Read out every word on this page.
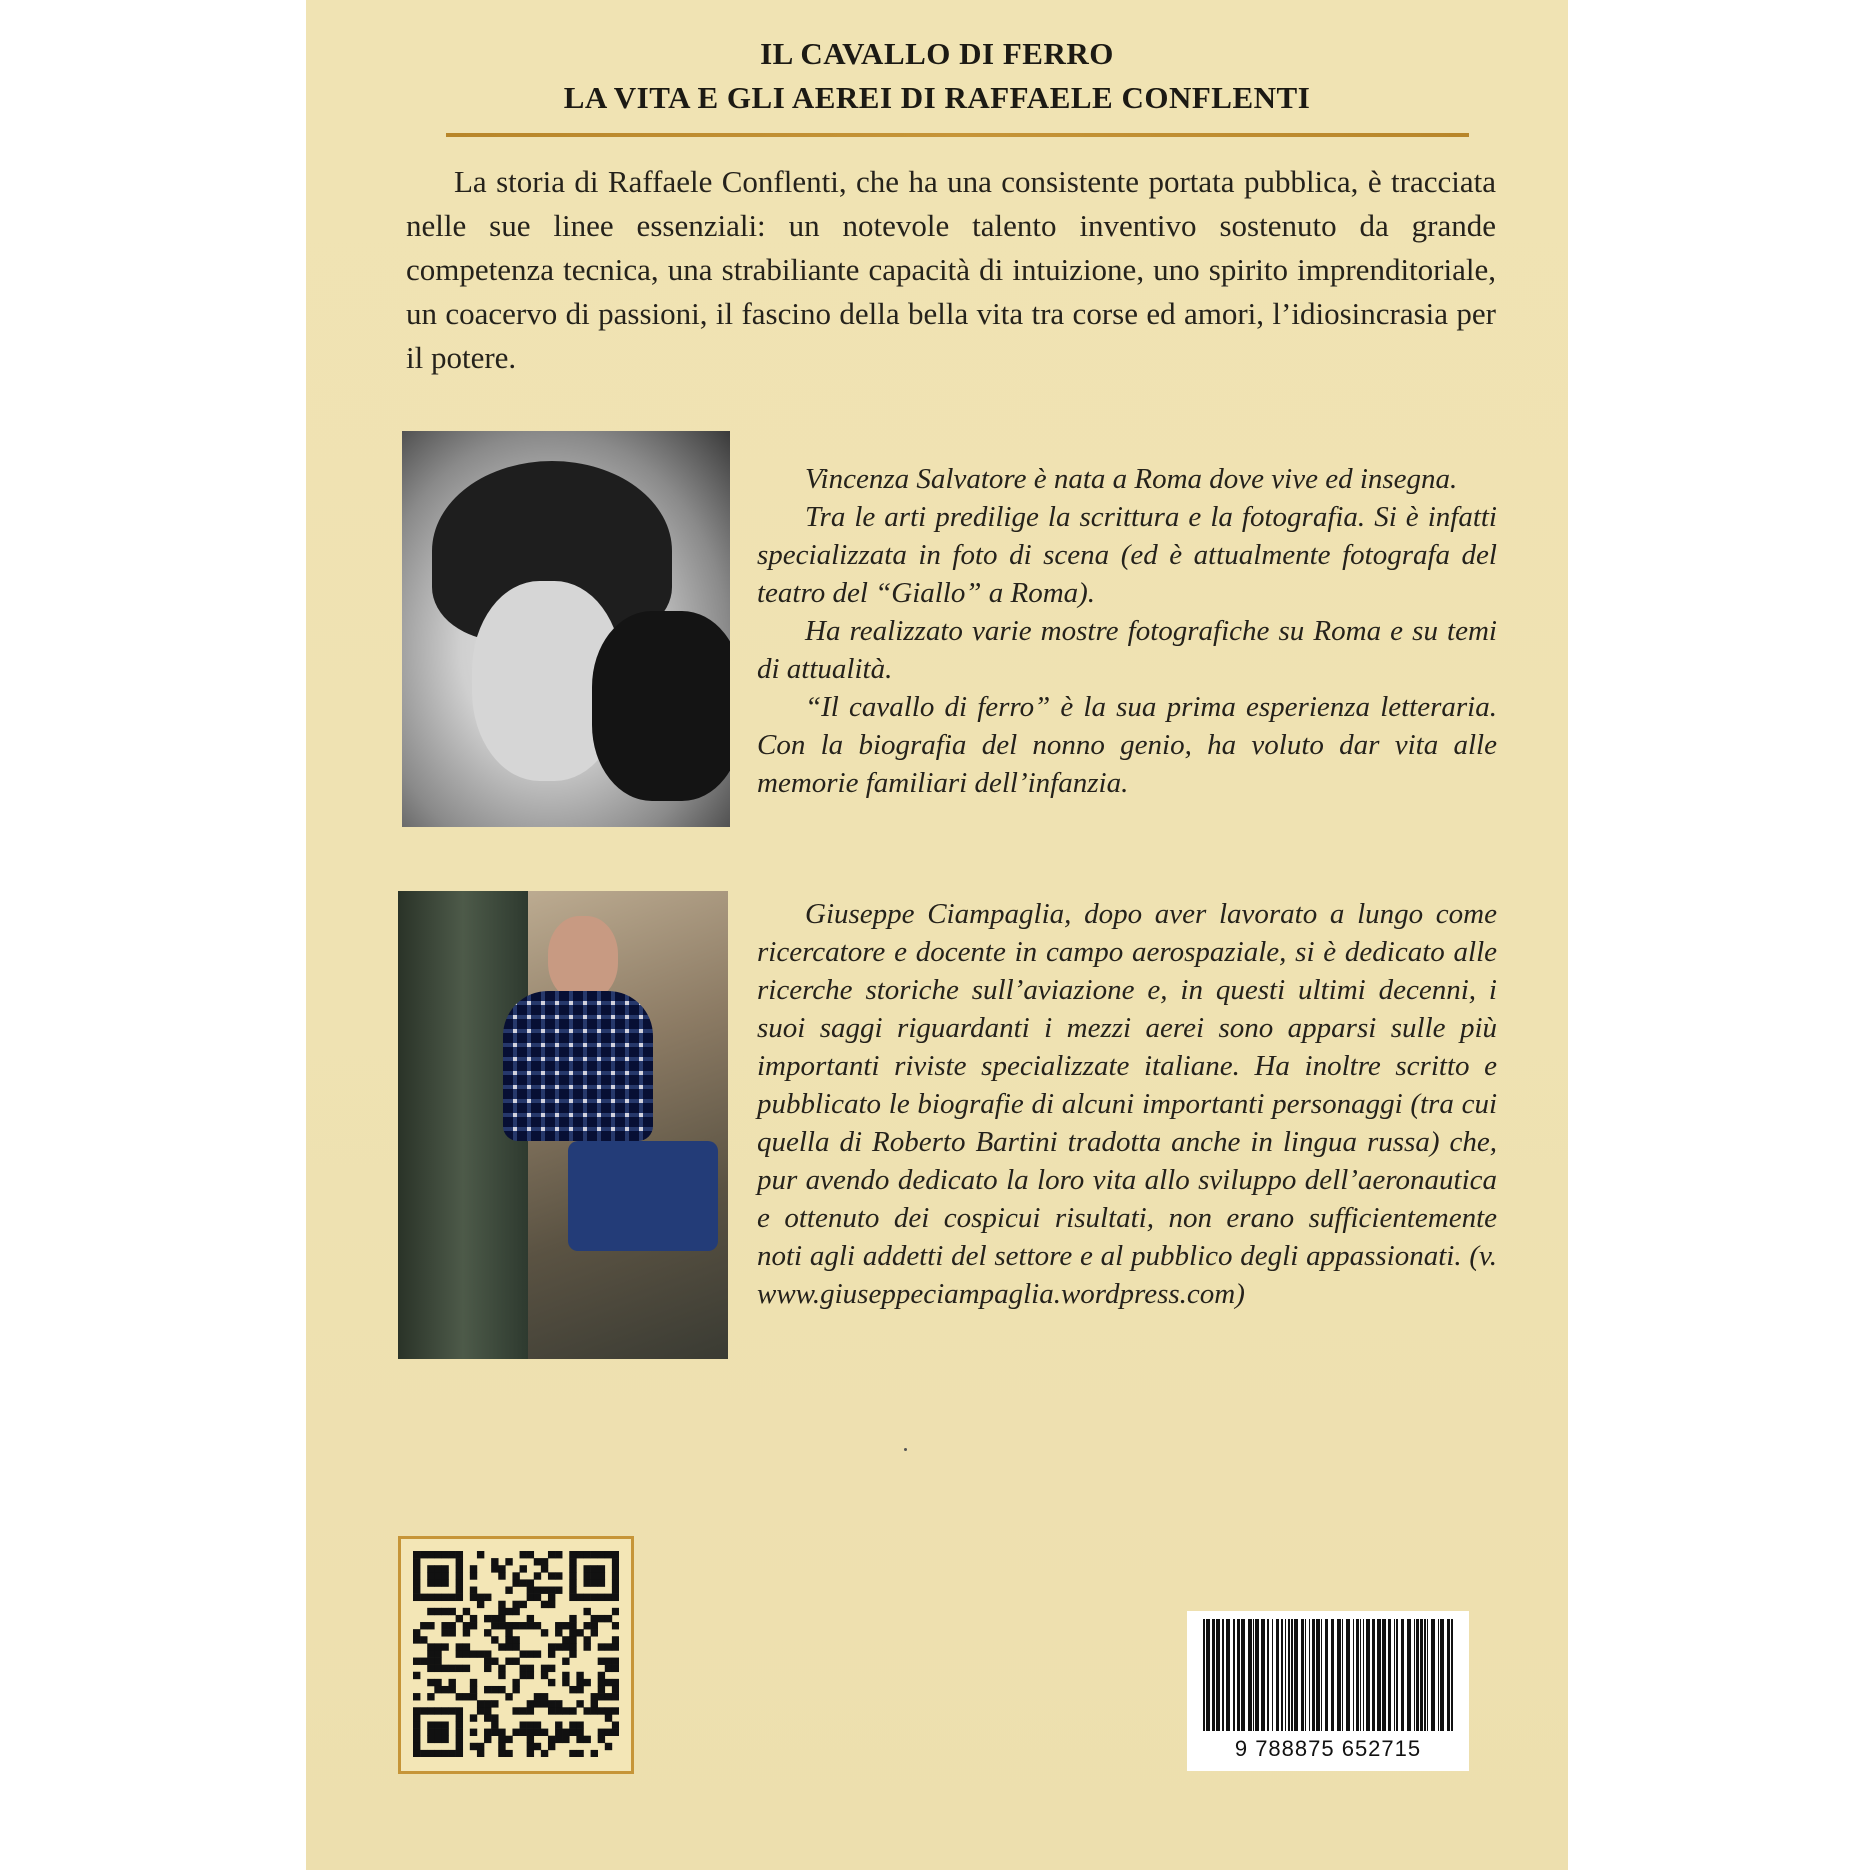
IL CAVALLO DI FERRO
LA VITA E GLI AEREI DI RAFFAELE CONFLENTI

La storia di Raffaele Conflenti, che ha una consistente portata pubblica, è tracciata nelle sue linee essenziali: un notevole talento inventivo sostenuto da grande competenza tecnica, una strabiliante capacità di intuizione, uno spirito imprenditoriale, un coacervo di passioni, il fascino della bella vita tra corse ed amori, l’idiosincrasia per il potere.

Vincenza Salvatore è nata a Roma dove vive ed insegna.

Tra le arti predilige la scrittura e la fotografia. Si è infatti specializzata in foto di scena (ed è attualmente fotografa del teatro del “Giallo” a Roma).

Ha realizzato varie mostre fotografiche su Roma e su temi di attualità.

“Il cavallo di ferro” è la sua prima esperienza letteraria. Con la biografia del nonno genio, ha voluto dar vita alle memorie familiari dell’infanzia.

Giuseppe Ciampaglia, dopo aver lavorato a lungo come ricercatore e docente in campo aerospaziale, si è dedicato alle ricerche storiche sull’aviazione e, in questi ultimi decenni, i suoi saggi riguardanti i mezzi aerei sono apparsi sulle più importanti riviste specializzate italiane. Ha inoltre scritto e pubblicato le biografie di alcuni importanti personaggi (tra cui quella di Roberto Bartini tradotta anche in lingua russa) che, pur avendo dedicato la loro vita allo sviluppo dell’aeronautica e ottenuto dei cospicui risultati, non erano sufficientemente noti agli addetti del settore e al pubblico degli appassionati. (v. www.giuseppeciampaglia.wordpress.com)

9 788875 652715
